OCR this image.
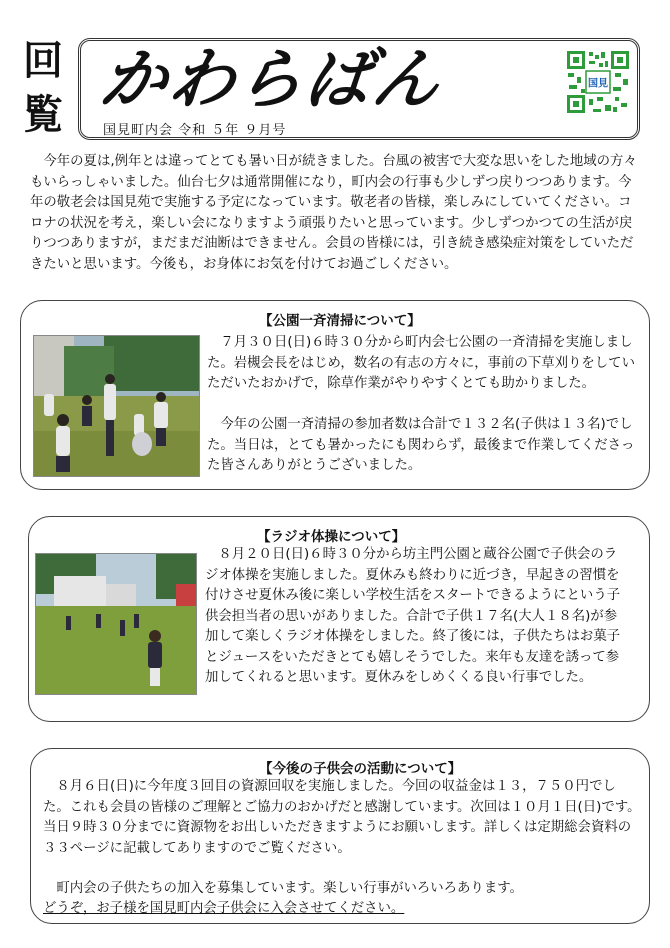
回
覧 かわらばん
国見町内会 令和 ５年 ９月号
国見
今年の夏は,例年とは違ってとても暑い日が続きました。台風の被害で大変な思いをした地域の方々もいらっしゃいました。仙台七夕は通常開催になり，町内会の行事も少しずつ戻りつつあります。今年の敬老会は国見苑で実施する予定になっています。敬老者の皆様，楽しみにしていてください。コロナの状況を考え，楽しい会になりますよう頑張りたいと思っています。少しずつかつての生活が戻りつつありますが，まだまだ油断はできません。会員の皆様には，引き続き感染症対策をしていただきたいと思います。今後も，お身体にお気を付けてお過ごしください。
【公園一斉清掃について】
７月３０日(日)６時３０分から町内会七公園の一斉清掃を実施しました。岩槻会長をはじめ，数名の有志の方々に，事前の下草刈りをしていただいたおかげで，除草作業がやりやすくとても助かりました。
今年の公園一斉清掃の参加者数は合計で１３２名(子供は１３名)でした。当日は，とても暑かったにも関わらず，最後まで作業してくださった皆さんありがとうございました。
【ラジオ体操について】
８月２０日(日)６時３０分から坊主門公園と蔵谷公園で子供会のラジオ体操を実施しました。夏休みも終わりに近づき，早起きの習慣を付けさせ夏休み後に楽しい学校生活をスタートできるようにという子供会担当者の思いがありました。合計で子供１７名(大人１８名)が参加して楽しくラジオ体操をしました。終了後には，子供たちはお菓子とジュースをいただきとても嬉しそうでした。来年も友達を誘って参加してくれると思います。夏休みをしめくくる良い行事でした。
【今後の子供会の活動について】
８月６日(日)に今年度３回目の資源回収を実施しました。今回の収益金は１３，７５０円でした。これも会員の皆様のご理解とご協力のおかげだと感謝しています。次回は１０月１日(日)です。当日９時３０分までに資源物をお出しいただきますようにお願いします。詳しくは定期総会資料の３３ページに記載してありますのでご覧ください。
町内会の子供たちの加入を募集しています。楽しい行事がいろいろあります。
どうぞ，お子様を国見町内会子供会に入会させてください。
